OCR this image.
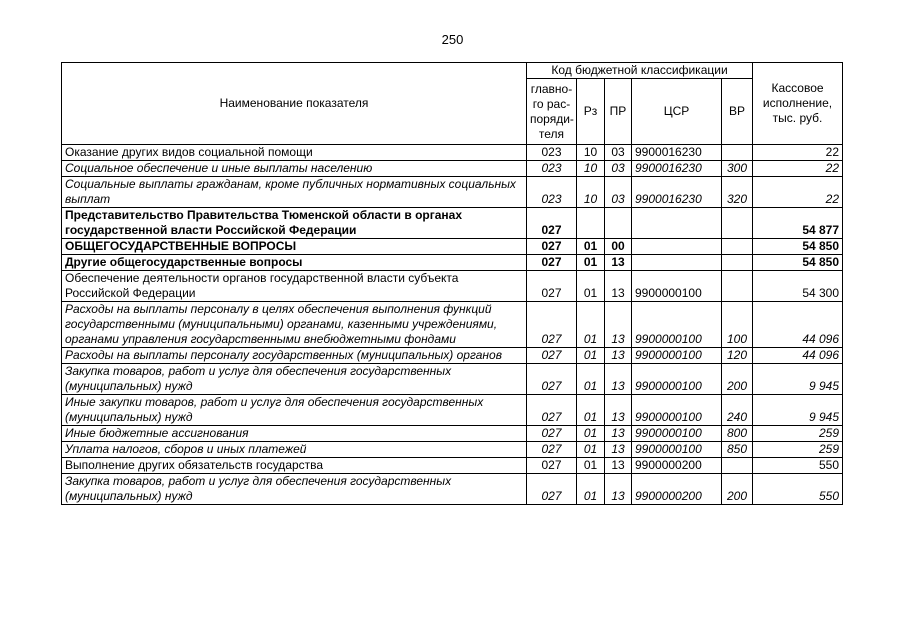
250
Наименование показателя	Код бюджетной классификации					Кассовое исполнение, тыс. руб.
	главно-го рас-поряди-теля	Рз	ПР	ЦСР	ВР	
Оказание других видов социальной помощи	023	10	03	9900016230		22
Социальное обеспечение и иные выплаты населению	023	10	03	9900016230	300	22
Социальные выплаты гражданам, кроме публичных нормативных социальных выплат	023	10	03	9900016230	320	22
Представительство Правительства Тюменской области в органах государственной власти Российской Федерации	027					54 877
ОБЩЕГОСУДАРСТВЕННЫЕ ВОПРОСЫ	027	01	00			54 850
Другие общегосударственные вопросы	027	01	13			54 850
Обеспечение деятельности органов государственной власти субъекта Российской Федерации	027	01	13	9900000100		54 300
Расходы на выплаты персоналу в целях обеспечения выполнения функций государственными (муниципальными) органами, казенными учреждениями, органами управления государственными внебюджетными фондами	027	01	13	9900000100	100	44 096
Расходы на выплаты персоналу государственных (муниципальных) органов	027	01	13	9900000100	120	44 096
Закупка товаров, работ и услуг для обеспечения государственных (муниципальных) нужд	027	01	13	9900000100	200	9 945
Иные закупки товаров, работ и услуг для обеспечения государственных (муниципальных) нужд	027	01	13	9900000100	240	9 945
Иные бюджетные ассигнования	027	01	13	9900000100	800	259
Уплата налогов, сборов и иных платежей	027	01	13	9900000100	850	259
Выполнение других обязательств государства	027	01	13	9900000200		550
Закупка товаров, работ и услуг для обеспечения государственных (муниципальных) нужд	027	01	13	9900000200	200	550
